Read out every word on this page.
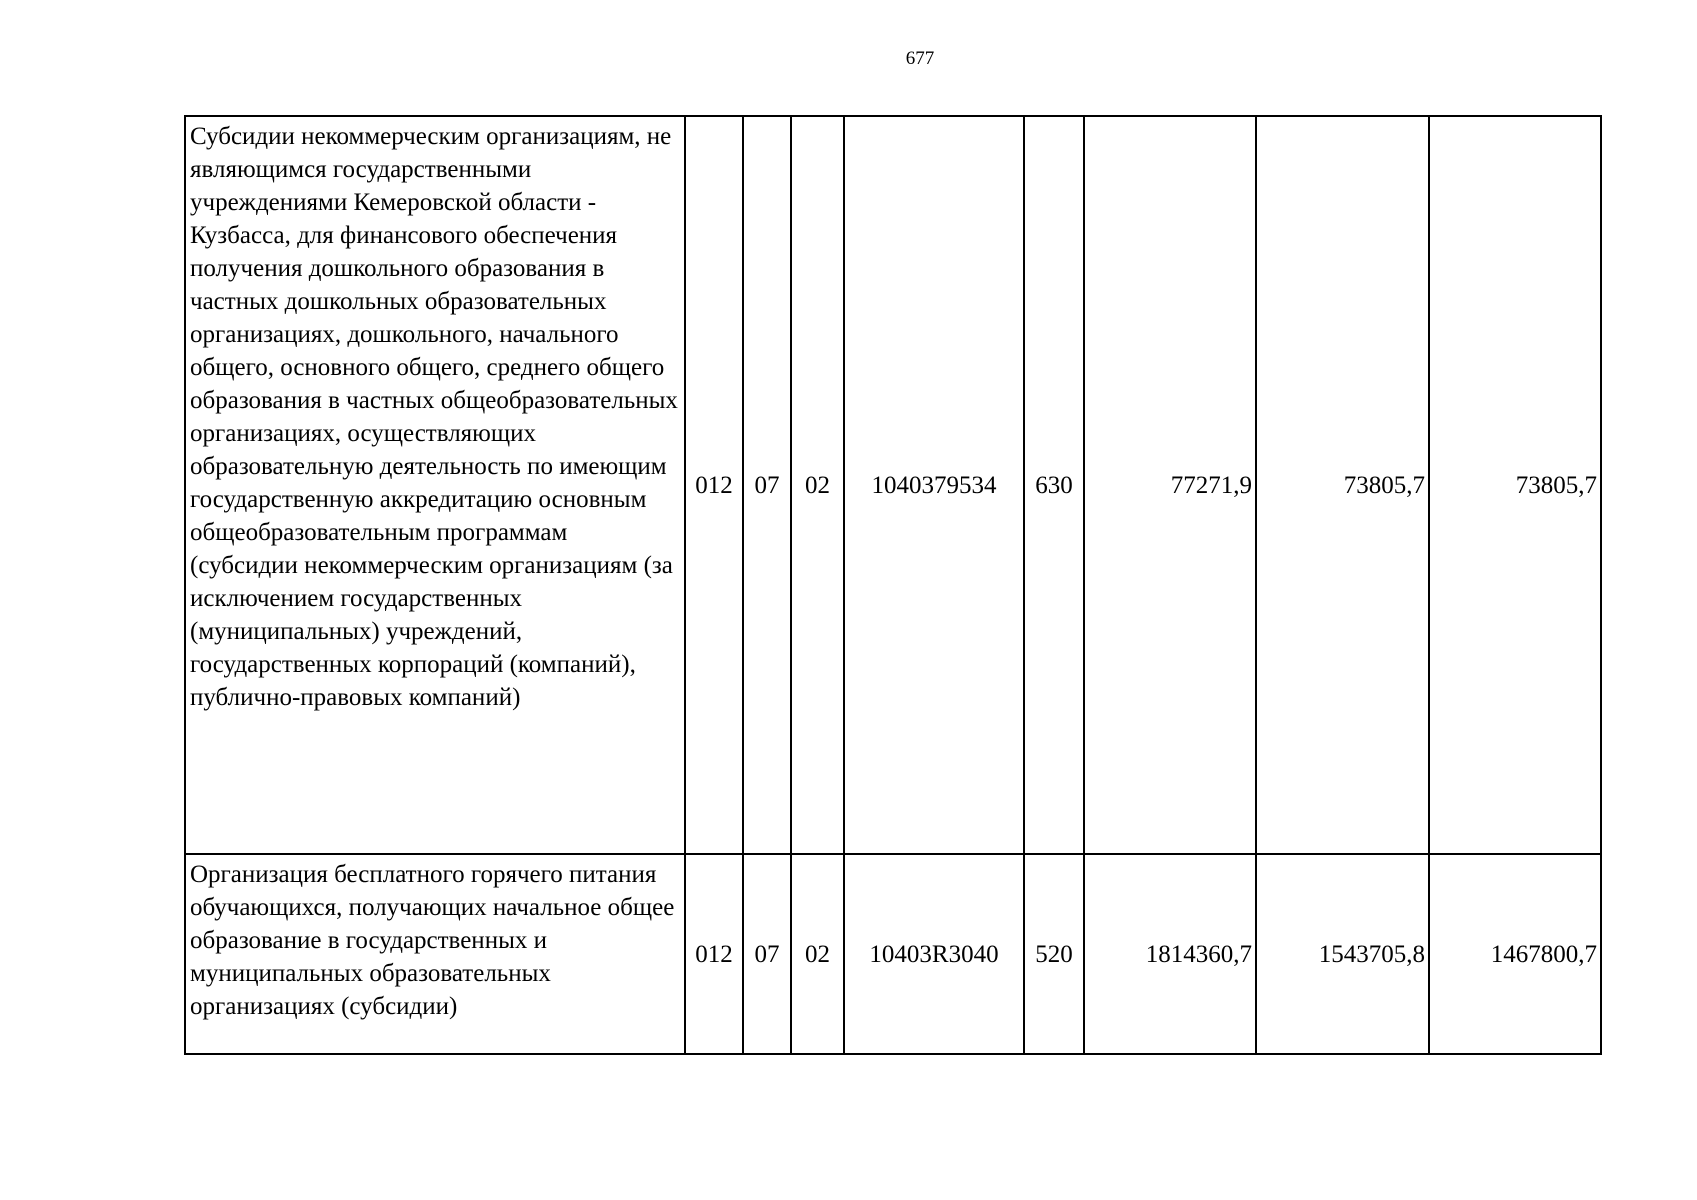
677
Субсидии некоммерческим организациям, не являющимся государственными учреждениями Кемеровской области - Кузбасса, для финансового обеспечения получения дошкольного образования в частных дошкольных образовательных организациях, дошкольного, начального общего, основного общего, среднего общего образования в частных общеобразовательных организациях, осуществляющих образовательную деятельность по имеющим государственную аккредитацию основным общеобразовательным программам (субсидии некоммерческим организациям (за исключением государственных (муниципальных) учреждений, государственных корпораций (компаний), публично-правовых компаний)	012	07	02	1040379534	630	77271,9	73805,7	73805,7
Организация бесплатного горячего питания обучающихся, получающих начальное общее образование в государственных и муниципальных образовательных организациях (субсидии)	012	07	02	10403R3040	520	1814360,7	1543705,8	1467800,7
